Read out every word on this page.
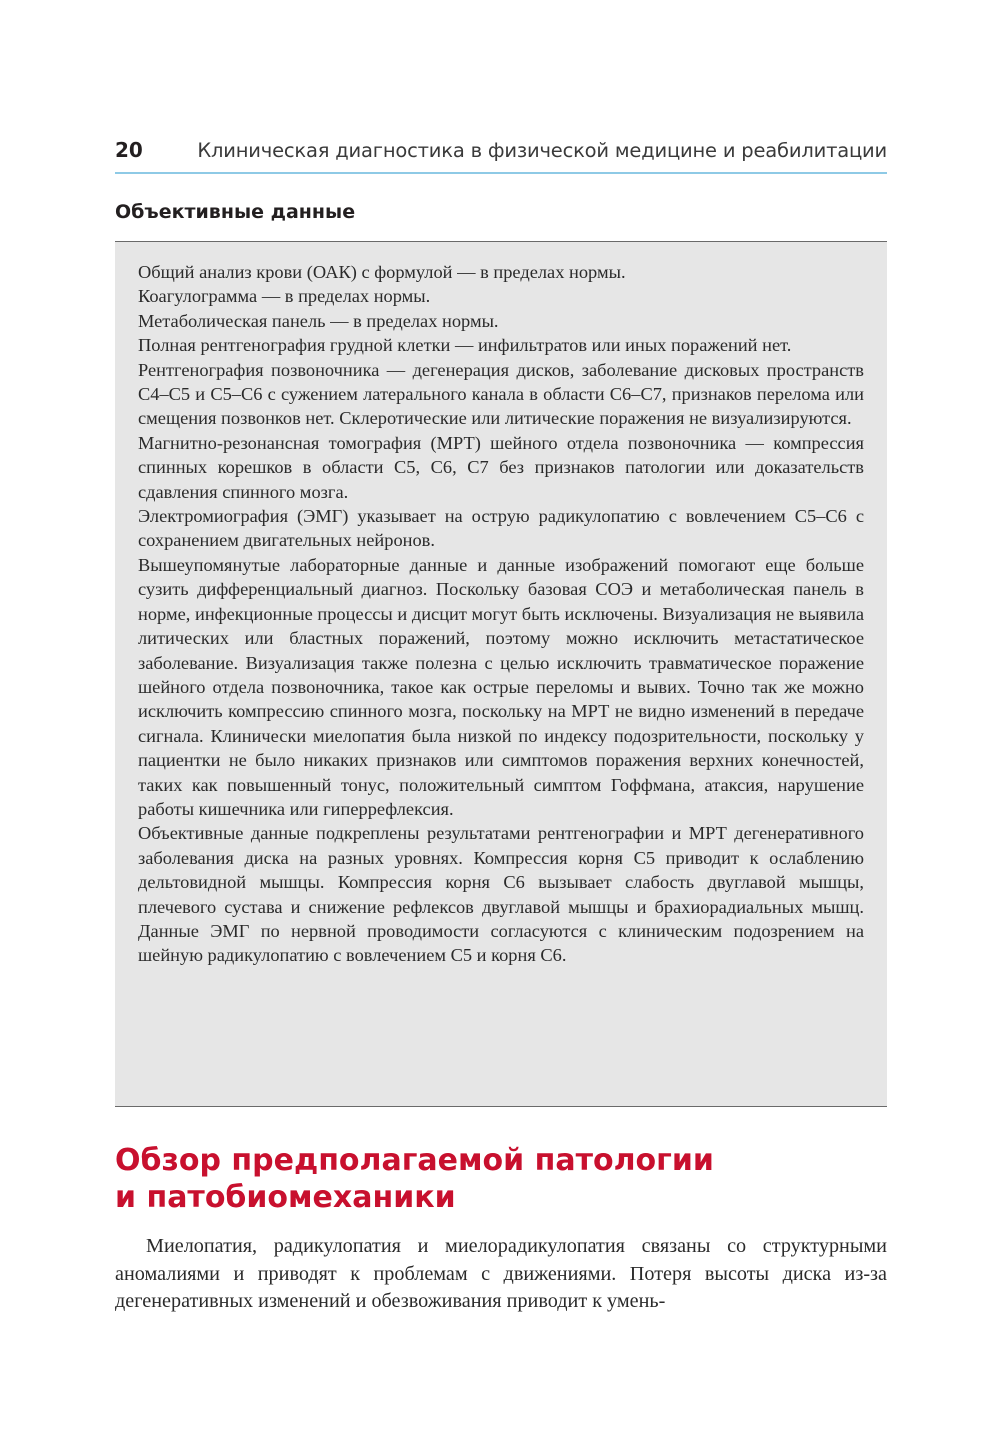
20	Клиническая диагностика в физической медицине и реабилитации
Объективные данные

Общий анализ крови (ОАК) с формулой — в пределах нормы.

Коагулограмма — в пределах нормы.

Метаболическая панель — в пределах нормы.

Полная рентгенография грудной клетки — инфильтратов или иных поражений нет.

Рентгенография позвоночника — дегенерация дисков, заболевание дисковых пространств С4–С5 и С5–С6 с сужением латерального канала в области С6–С7, признаков перелома или смещения позвонков нет. Склеротические или литические поражения не визуализируются.

Магнитно-резонансная томография (МРТ) шейного отдела позвоночника — компрессия спинных корешков в области С5, С6, С7 без признаков патологии или доказательств сдавления спинного мозга.

Электромиография (ЭМГ) указывает на острую радикулопатию с вовлечением С5–С6 с сохранением двигательных нейронов.

Вышеупомянутые лабораторные данные и данные изображений помогают еще больше сузить дифференциальный диагноз. Поскольку базовая СОЭ и метаболическая панель в норме, инфекционные процессы и дисцит могут быть исключены. Визуализация не выявила литических или бластных поражений, поэтому можно исключить метастатическое заболевание. Визуализация также полезна с целью исключить травматическое поражение шейного отдела позвоночника, такое как острые переломы и вывих. Точно так же можно исключить компрессию спинного мозга, поскольку на МРТ не видно изменений в передаче сигнала. Клинически миелопатия была низкой по индексу подозрительности, поскольку у пациентки не было никаких признаков или симптомов поражения верхних конечностей, таких как повышенный тонус, положительный симптом Гоффмана, атаксия, нарушение работы кишечника или гиперрефлексия.

Объективные данные подкреплены результатами рентгенографии и МРТ дегенеративного заболевания диска на разных уровнях. Компрессия корня С5 приводит к ослаблению дельтовидной мышцы. Компрессия корня С6 вызывает слабость двуглавой мышцы, плечевого сустава и снижение рефлексов двуглавой мышцы и брахиорадиальных мышц. Данные ЭМГ по нервной проводимости согласуются с клиническим подозрением на шейную радикулопатию с вовлечением С5 и корня С6.

Обзор предполагаемой патологии
и патобиомеханики

Миелопатия, радикулопатия и миелорадикулопатия связаны со структурными аномалиями и приводят к проблемам с движениями. Потеря высоты диска из-за дегенеративных изменений и обезвоживания приводит к умень-
